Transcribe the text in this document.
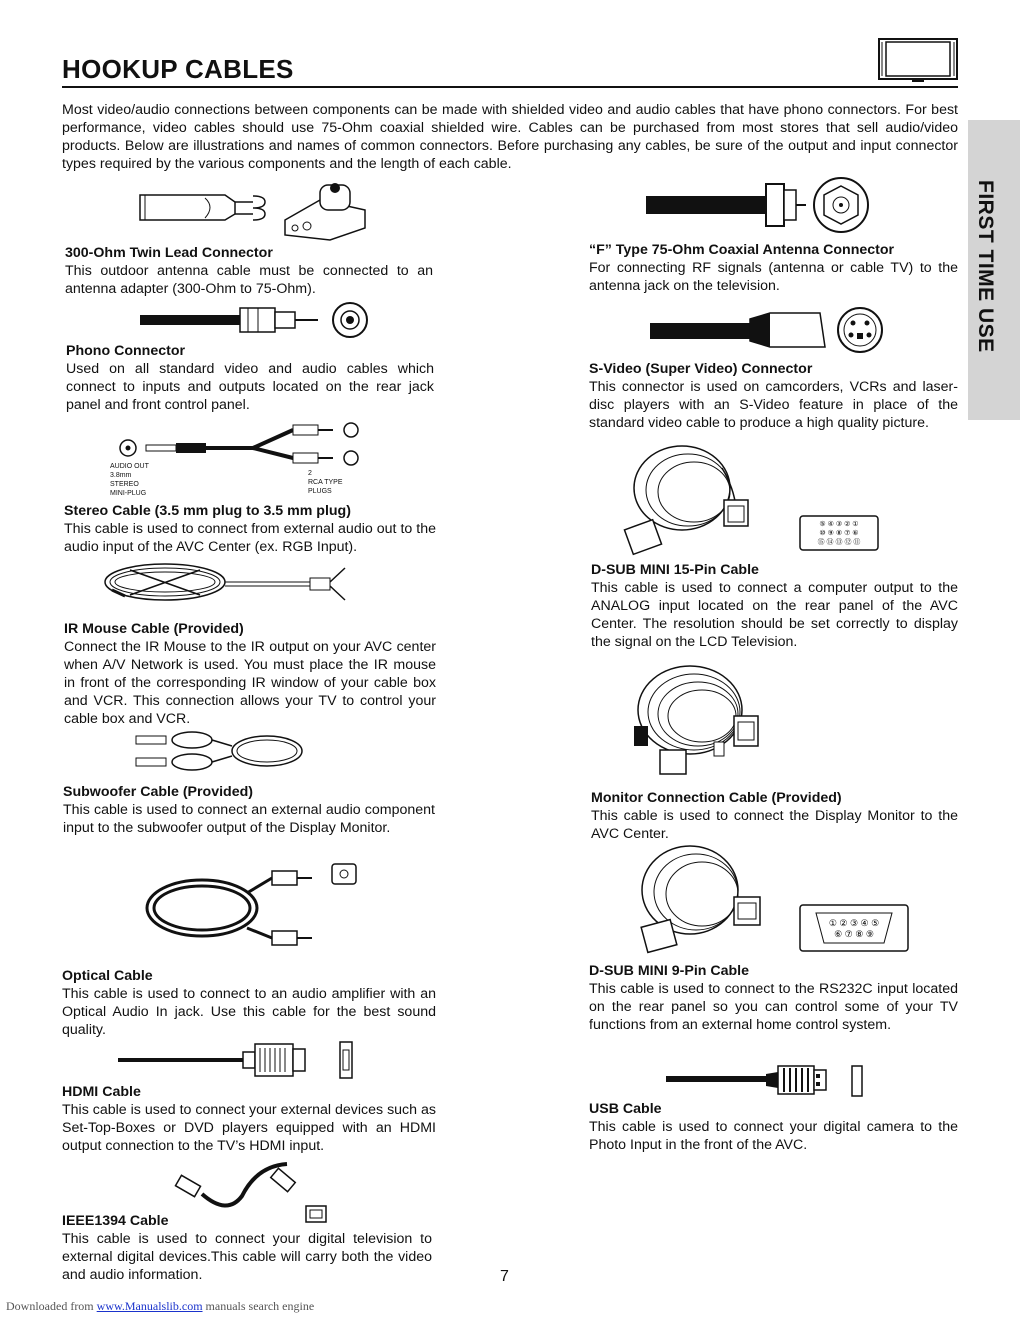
HOOKUP CABLES
Most video/audio connections between components can be made with shielded video and audio cables that have phono connectors. For best performance, video cables should use 75-Ohm coaxial shielded wire. Cables can be purchased from most stores that sell audio/video products. Below are illustrations and names of common connectors. Before purchasing any cables, be sure of the output and input connector types required by the various components and the length of each cable.
FIRST TIME USE
300-Ohm Twin Lead Connector

This outdoor antenna cable must be connected to an antenna adapter (300-Ohm to 75-Ohm).

Phono Connector

Used on all standard video and audio cables which connect to inputs and outputs located on the rear jack panel and front control panel.

AUDIO OUT
3.8mm
STEREO
MINI-PLUG
2
RCA TYPE
PLUGS
Stereo Cable (3.5 mm plug to 3.5 mm plug)

This cable is used to connect from external audio out to the audio input of the AVC Center (ex. RGB Input).

IR Mouse Cable (Provided)

Connect the IR Mouse to the IR output on your AVC center when A/V Network is used. You must place the IR mouse in front of the corresponding IR window of your cable box and VCR. This connection allows your TV to control your cable box and VCR.

Subwoofer Cable (Provided)

This cable is used to connect an external audio component input to the subwoofer output of the Display Monitor.

Optical Cable

This cable is used to connect to an audio amplifier with an Optical Audio In jack. Use this cable for the best sound quality.

HDMI Cable

This cable is used to connect your external devices such as Set-Top-Boxes or DVD players equipped with an HDMI output connection to the TV’s HDMI input.

IEEE1394 Cable

This cable is used to connect your digital television to external digital devices.This cable will carry both the video and audio information.

“F” Type 75-Ohm Coaxial Antenna Connector

For connecting RF signals (antenna or cable TV) to the antenna jack on the television.

S-Video (Super Video) Connector

This connector is used on camcorders, VCRs and laser-disc players with an S-Video feature in place of the standard video cable to produce a high quality picture.

⑤ ④ ③ ② ①
⑩ ⑨ ⑧ ⑦ ⑥
⑮ ⑭ ⑬ ⑫ ⑪
D-SUB MINI 15-Pin Cable

This cable is used to connect a computer output to the ANALOG input located on the rear panel of the AVC Center. The resolution should be set correctly to display the signal on the LCD Television.

Monitor Connection Cable (Provided)

This cable is used to connect the Display Monitor to the AVC Center.

① ② ③ ④ ⑤
⑥ ⑦ ⑧ ⑨
D-SUB MINI 9-Pin Cable

This cable is used to connect to the RS232C input located on the rear panel so you can control some of your TV functions from an external home control system.

USB Cable

This cable is used to connect your digital camera to the Photo Input in the front of the AVC.

7
Downloaded from www.Manualslib.com manuals search engine
